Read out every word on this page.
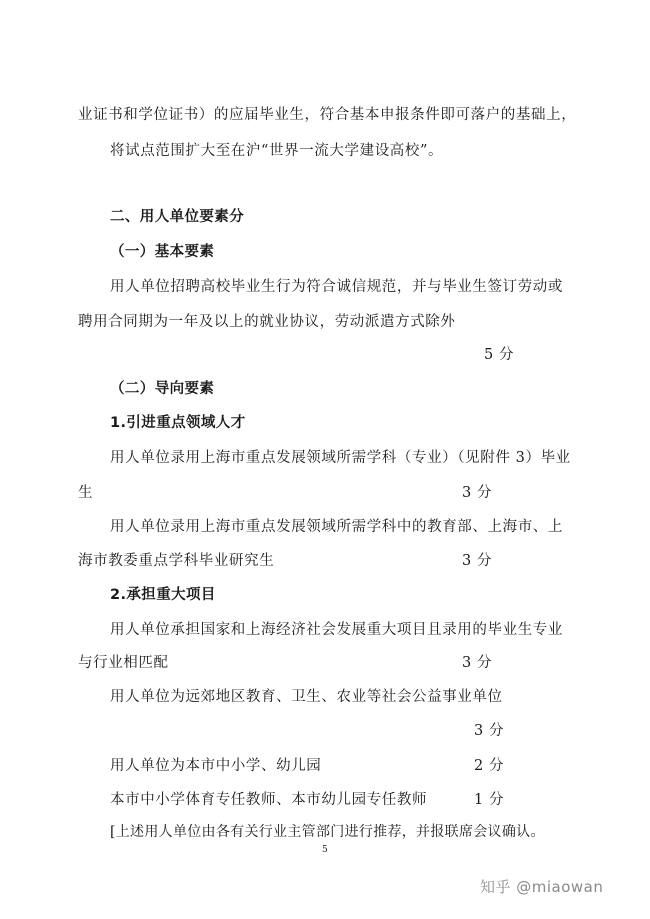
业证书和学位证书）的应届毕业生，符合基本申报条件即可落户的基础上，
将试点范围扩大至在沪“世界一流大学建设高校”。
二、用人单位要素分
（一）基本要素
用人单位招聘高校毕业生行为符合诚信规范，并与毕业生签订劳动或
聘用合同期为一年及以上的就业协议，劳动派遣方式除外
5 分
（二）导向要素
1.引进重点领域人才
用人单位录用上海市重点发展领域所需学科（专业）（见附件 3）毕业
生	3 分
用人单位录用上海市重点发展领域所需学科中的教育部、上海市、上
海市教委重点学科毕业研究生	3 分
2.承担重大项目
用人单位承担国家和上海经济社会发展重大项目且录用的毕业生专业
与行业相匹配	3 分
用人单位为远郊地区教育、卫生、农业等社会公益事业单位
3 分
用人单位为本市中小学、幼儿园	2 分
本市中小学体育专任教师、本市幼儿园专任教师	1 分
[上述用人单位由各有关行业主管部门进行推荐，并报联席会议确认。
5
知乎 @miaowan
